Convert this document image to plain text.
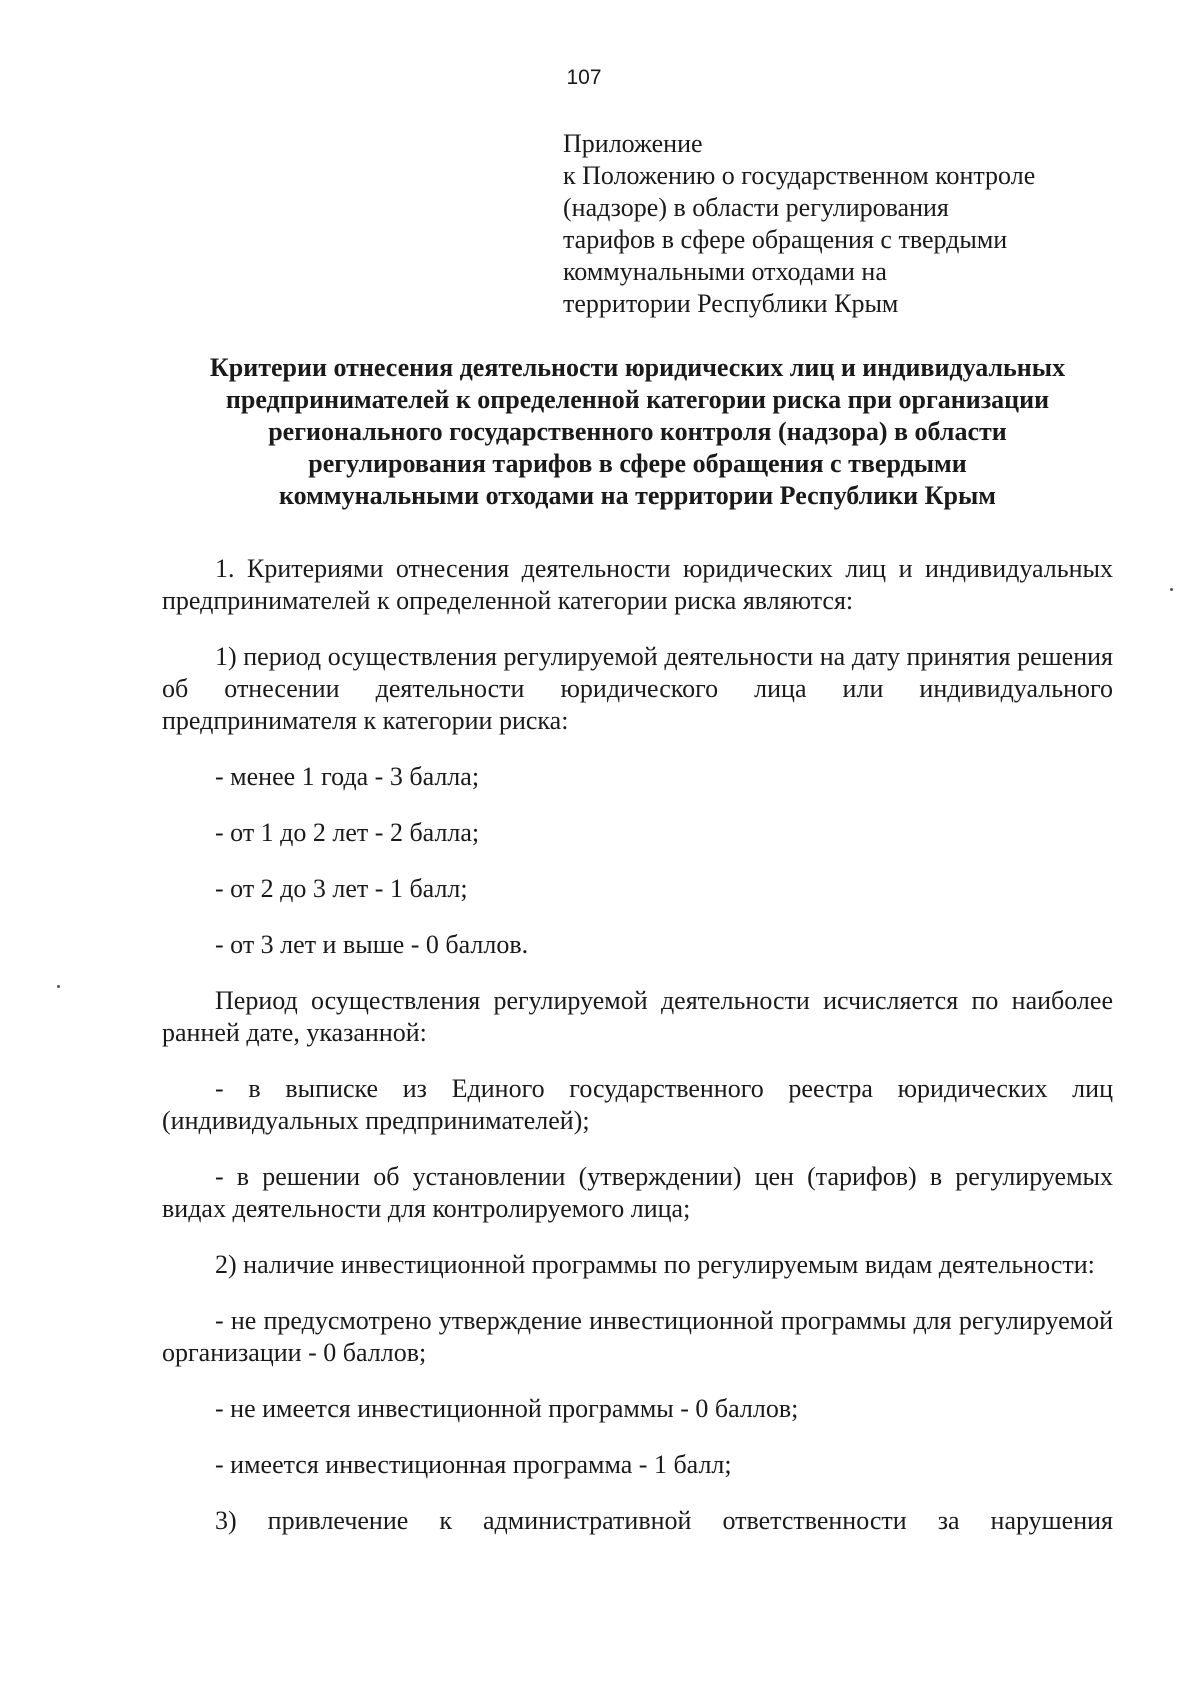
107
Приложение
к Положению о государственном контроле
(надзоре) в области регулирования
тарифов в сфере обращения с твердыми
коммунальными отходами на
территории Республики Крым
Критерии отнесения деятельности юридических лиц и индивидуальных
предпринимателей к определенной категории риска при организации
регионального государственного контроля (надзора) в области
регулирования тарифов в сфере обращения с твердыми
коммунальными отходами на территории Республики Крым

1. Критериями отнесения деятельности юридических лиц и индивидуальных предпринимателей к определенной категории риска являются:

1) период осуществления регулируемой деятельности на дату принятия решения об отнесении деятельности юридического лица или индивидуального предпринимателя к категории риска:

- менее 1 года - 3 балла;

- от 1 до 2 лет - 2 балла;

- от 2 до 3 лет - 1 балл;

- от 3 лет и выше - 0 баллов.

Период осуществления регулируемой деятельности исчисляется по наиболее ранней дате, указанной:

- в выписке из Единого государственного реестра юридических лиц (индивидуальных предпринимателей);

- в решении об установлении (утверждении) цен (тарифов) в регулируемых видах деятельности для контролируемого лица;

2) наличие инвестиционной программы по регулируемым видам деятельности:

- не предусмотрено утверждение инвестиционной программы для регулируемой организации - 0 баллов;

- не имеется инвестиционной программы - 0 баллов;

- имеется инвестиционная программа - 1 балл;

3) привлечение к административной ответственности за нарушения
